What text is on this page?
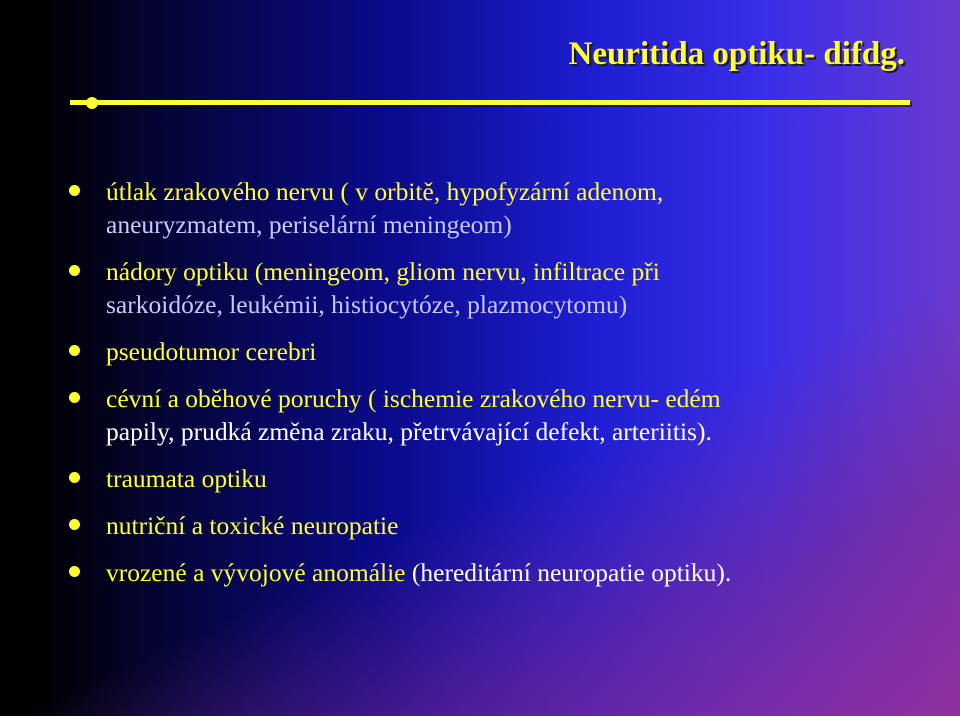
Neuritida optiku- difdg.
útlak zrakového nervu ( v orbitě, hypofyzární adenom,
aneuryzmatem, periselární meningeom)
nádory optiku (meningeom, gliom nervu, infiltrace při
sarkoidóze, leukémii, histiocytóze, plazmocytomu)
pseudotumor cerebri
cévní a oběhové poruchy ( ischemie zrakového nervu- edém
papily, prudká změna zraku, přetrvávající defekt, arteriitis).
traumata optiku
nutriční a toxické neuropatie
vrozené a vývojové anomálie (hereditární neuropatie optiku).
